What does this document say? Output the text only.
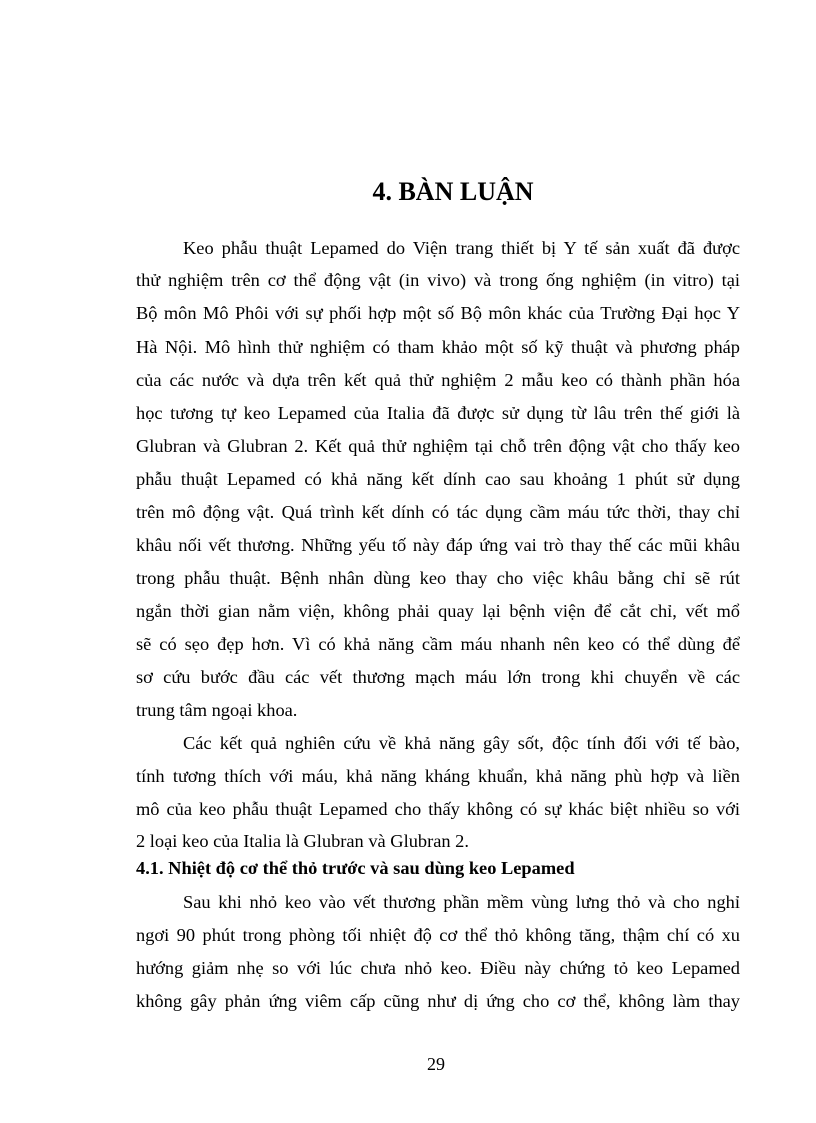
4. BÀN LUẬN

Keo phẫu thuật Lepamed do Viện trang thiết bị Y tế sản xuất đã được

thử nghiệm trên cơ thể động vật (in vivo) và trong ống nghiệm (in vitro) tại

Bộ môn Mô Phôi với sự phối hợp một số Bộ môn khác của Trường Đại học Y

Hà Nội. Mô hình thử nghiệm có tham khảo một số kỹ thuật và phương pháp

của các nước và dựa trên kết quả thử nghiệm 2 mẫu keo có thành phần hóa

học tương tự keo Lepamed của Italia đã được sử dụng từ lâu trên thế giới là

Glubran và Glubran 2. Kết quả thử nghiệm tại chỗ trên động vật cho thấy keo

phẫu thuật Lepamed có khả năng kết dính cao sau khoảng 1 phút sử dụng

trên mô động vật. Quá trình kết dính có tác dụng cầm máu tức thời, thay chỉ

khâu nối vết thương. Những yếu tố này đáp ứng vai trò thay thế các mũi khâu

trong phẫu thuật. Bệnh nhân dùng keo thay cho việc khâu bằng chỉ sẽ rút

ngắn thời gian nằm viện, không phải quay lại bệnh viện để cắt chỉ, vết mổ

sẽ có sẹo đẹp hơn. Vì có khả năng cầm máu nhanh nên keo có thể dùng để

sơ cứu bước đầu các vết thương mạch máu lớn trong khi chuyển về các

trung tâm ngoại khoa.

Các kết quả nghiên cứu về khả năng gây sốt, độc tính đối với tế bào,

tính tương thích với máu, khả năng kháng khuẩn, khả năng phù hợp và liền

mô của keo phẫu thuật Lepamed cho thấy không có sự khác biệt nhiều so với

2 loại keo của Italia là Glubran và Glubran 2.

4.1. Nhiệt độ cơ thể thỏ trước và sau dùng keo Lepamed

Sau khi nhỏ keo vào vết thương phần mềm vùng lưng thỏ và cho nghỉ

ngơi 90 phút trong phòng tối nhiệt độ cơ thể thỏ không tăng, thậm chí có xu

hướng giảm nhẹ so với lúc chưa nhỏ keo. Điều này chứng tỏ keo Lepamed

không gây phản ứng viêm cấp cũng như dị ứng cho cơ thể, không làm thay

29
